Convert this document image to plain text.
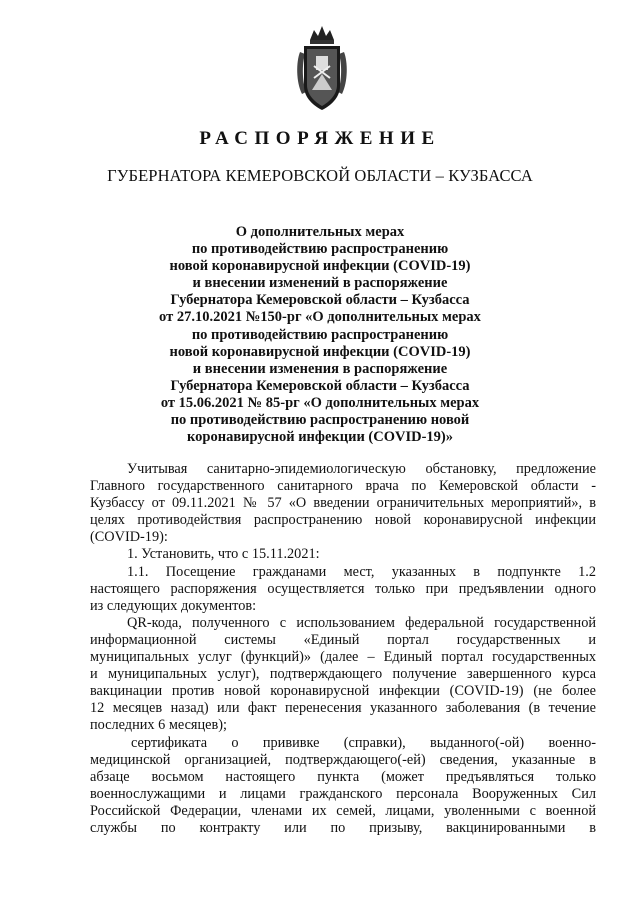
РАСПОРЯЖЕНИЕ
ГУБЕРНАТОРА КЕМЕРОВСКОЙ ОБЛАСТИ – КУЗБАССА
О дополнительных мерах
по противодействию распространению
новой коронавирусной инфекции (COVID-19)
и внесении изменений в распоряжение
Губернатора Кемеровской области – Кузбасса
от 27.10.2021 №150-рг «О дополнительных мерах
по противодействию распространению
новой коронавирусной инфекции (COVID-19)
и внесении изменения в распоряжение
Губернатора Кемеровской области – Кузбасса
от 15.06.2021 № 85-рг «О дополнительных мерах
по противодействию распространению новой
коронавирусной инфекции (COVID-19)»
Учитывая санитарно-эпидемиологическую обстановку, предложение
Главного государственного санитарного врача по Кемеровской области -
Кузбассу от 09.11.2021 № 57 «О введении ограничительных мероприятий», в
целях противодействия распространению новой коронавирусной инфекции
(COVID-19):
1. Установить, что с 15.11.2021:
1.1. Посещение гражданами мест, указанных в подпункте 1.2
настоящего распоряжения осуществляется только при предъявлении одного
из следующих документов:
QR-кода, полученного с использованием федеральной государственной
информационной системы «Единый портал государственных и
муниципальных услуг (функций)» (далее – Единый портал государственных
и муниципальных услуг), подтверждающего получение завершенного курса
вакцинации против новой коронавирусной инфекции (COVID-19) (не более
12 месяцев назад) или факт перенесения указанного заболевания (в течение
последних 6 месяцев);
сертификата о прививке (справки), выданного(-ой) военно-
медицинской организацией, подтверждающего(-ей) сведения, указанные в
абзаце восьмом настоящего пункта (может предъявляться только
военнослужащими и лицами гражданского персонала Вооруженных Сил
Российской Федерации, членами их семей, лицами, уволенными с военной
службы по контракту или по призыву, вакцинированными в
